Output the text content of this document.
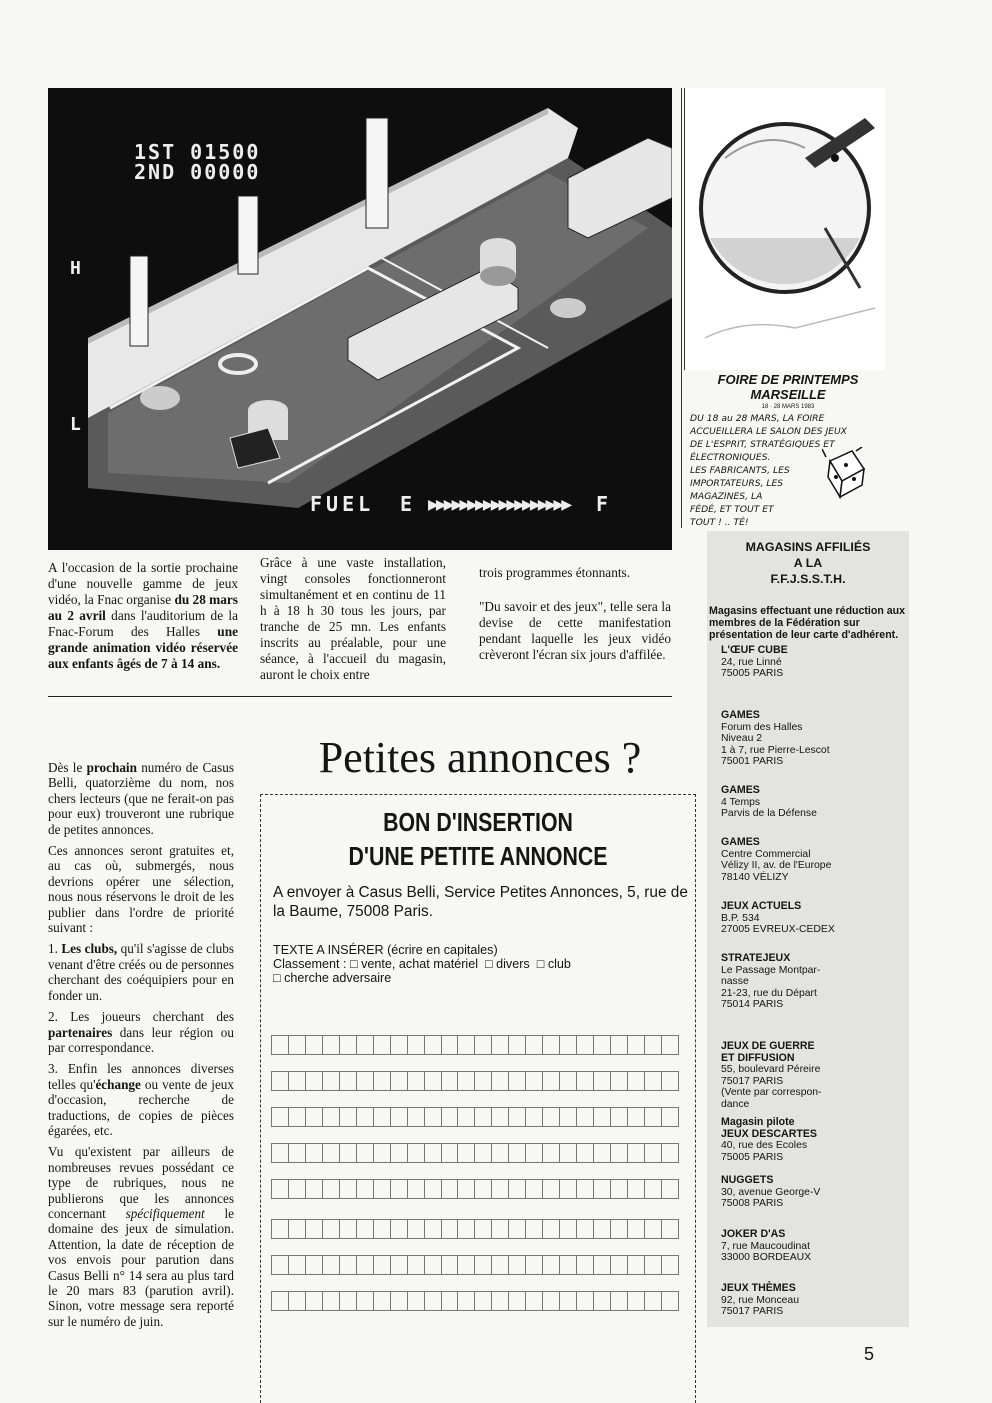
1ST 01500
2ND 00000
H
L
FUEL E ▶▶▶▶▶▶▶▶▶▶▶▶▶▶▶▶▶▶ F
A l'occasion de la sortie prochaine d'une nouvelle gamme de jeux vidéo, la Fnac organise du 28 mars au 2 avril dans l'auditorium de la Fnac-Forum des Halles une grande animation vidéo réservée aux enfants âgés de 7 à 14 ans.
Grâce à une vaste installation, vingt consoles fonctionneront simultanément et en continu de 11 h à 18 h 30 tous les jours, par tranche de 25 mn. Les enfants inscrits au préalable, pour une séance, à l'accueil du magasin, auront le choix entre

trois programmes étonnants.

"Du savoir et des jeux", telle sera la devise de cette manifestation pendant laquelle les jeux vidéo crèveront l'écran six jours d'affilée.

Petites annonces ?

Dès le prochain numéro de Casus Belli, quatorzième du nom, nos chers lecteurs (que ne ferait-on pas pour eux) trouveront une rubrique de petites annonces.

Ces annonces seront gratuites et, au cas où, submergés, nous devrions opérer une sélection, nous nous réservons le droit de les publier dans l'ordre de priorité suivant :

1. Les clubs, qu'il s'agisse de clubs venant d'être créés ou de personnes cherchant des coéquipiers pour en fonder un.

2. Les joueurs cherchant des partenaires dans leur région ou par correspondance.

3. Enfin les annonces diverses telles qu'échange ou vente de jeux d'occasion, recherche de traductions, de copies de pièces égarées, etc.

Vu qu'existent par ailleurs de nombreuses revues possédant ce type de rubriques, nous ne publierons que les annonces concernant spécifiquement le domaine des jeux de simulation. Attention, la date de réception de vos envois pour parution dans Casus Belli n° 14 sera au plus tard le 20 mars 83 (parution avril). Sinon, votre message sera reporté sur le numéro de juin.

BON D'INSERTION
D'UNE PETITE ANNONCE
A envoyer à Casus Belli, Service Petites Annonces, 5, rue de la Baume, 75008 Paris.
TEXTE A INSÉRER (écrire en capitales)
Classement : □ vente, achat matériel □ divers □ club
□ cherche adversaire
FOIRE DE PRINTEMPS
MARSEILLE
18 · 28 MARS 1983
DU 18 au 28 MARS, LA FOIRE
ACCUEILLERA LE SALON DES JEUX
DE L'ESPRIT, STRATÉGIQUES ET
ÉLECTRONIQUES.
LES FABRICANTS, LES
IMPORTATEURS, LES
MAGAZINES, LA
FÉDÉ, ET TOUT ET
TOUT ! .. TÉ!
MAGASINS AFFILIÉS
A LA
F.F.J.S.S.T.H.
Magasins effectuant une réduction aux membres de la Fédération sur présentation de leur carte d'adhérent.
L'ŒUF CUBE
24, rue Linné
75005 PARIS
GAMES
Forum des Halles
Niveau 2
1 à 7, rue Pierre-Lescot
75001 PARIS
GAMES
4 Temps
Parvis de la Défense
GAMES
Centre Commercial
Vélizy II, av. de l'Europe
78140 VÉLIZY
JEUX ACTUELS
B.P. 534
27005 EVREUX-CEDEX
STRATEJEUX
Le Passage Montpar-
nasse
21-23, rue du Départ
75014 PARIS
JEUX DE GUERRE
ET DIFFUSION
55, boulevard Péreire
75017 PARIS
(Vente par correspon-
dance
Magasin pilote
JEUX DESCARTES
40, rue des Ecoles
75005 PARIS
NUGGETS
30, avenue George-V
75008 PARIS
JOKER D'AS
7, rue Maucoudinat
33000 BORDEAUX
JEUX THÈMES
92, rue Monceau
75017 PARIS
5
